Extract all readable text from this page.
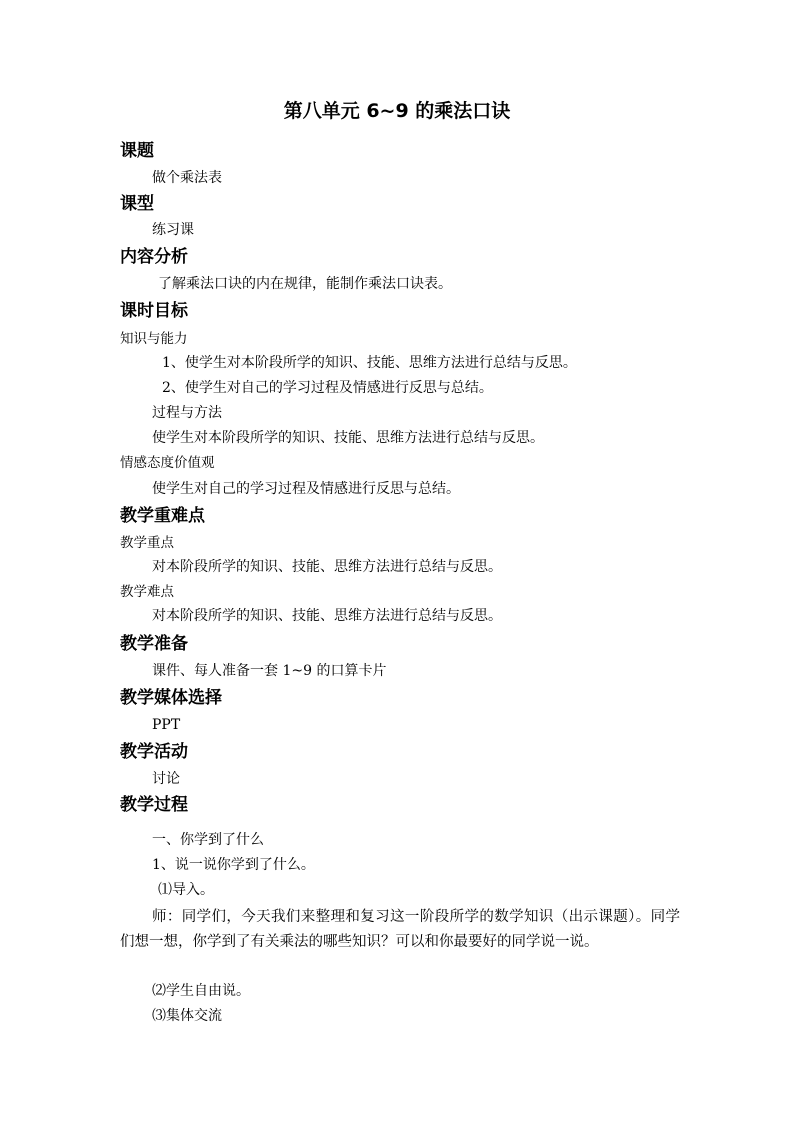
第八单元 6~9 的乘法口诀
课题
做个乘法表
课型
练习课
内容分析
了解乘法口诀的内在规律，能制作乘法口诀表。
课时目标
知识与能力
1、使学生对本阶段所学的知识、技能、思维方法进行总结与反思。
2、使学生对自己的学习过程及情感进行反思与总结。
过程与方法
使学生对本阶段所学的知识、技能、思维方法进行总结与反思。
情感态度价值观
使学生对自己的学习过程及情感进行反思与总结。
教学重难点
教学重点
对本阶段所学的知识、技能、思维方法进行总结与反思。
教学难点
对本阶段所学的知识、技能、思维方法进行总结与反思。
教学准备
课件、每人准备一套 1~9 的口算卡片
教学媒体选择
PPT
教学活动
讨论
教学过程
一、你学到了什么
1、说一说你学到了什么。
⑴导入。
师：同学们，今天我们来整理和复习这一阶段所学的数学知识（出示课题）。同学们想一想，你学到了有关乘法的哪些知识？可以和你最要好的同学说一说。
⑵学生自由说。
⑶集体交流
